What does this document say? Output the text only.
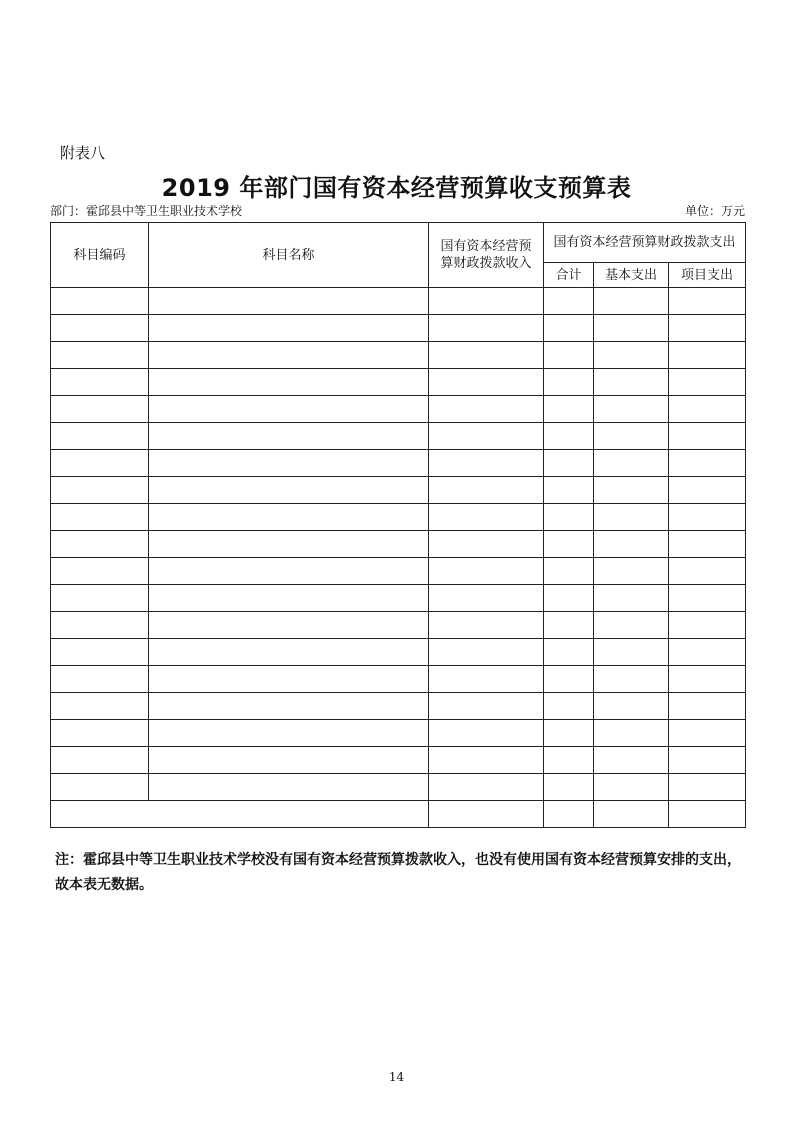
附表八
2019 年部门国有资本经营预算收支预算表
部门：霍邱县中等卫生职业技术学校	单位：万元
科目编码	科目名称	国有资本经营预算财政拨款收入	国有资本经营预算财政拨款支出		
			合计	基本支出	项目支出

注：霍邱县中等卫生职业技术学校没有国有资本经营预算拨款收入，也没有使用国有资本经营预算安排的支出，故本表无数据。
14
